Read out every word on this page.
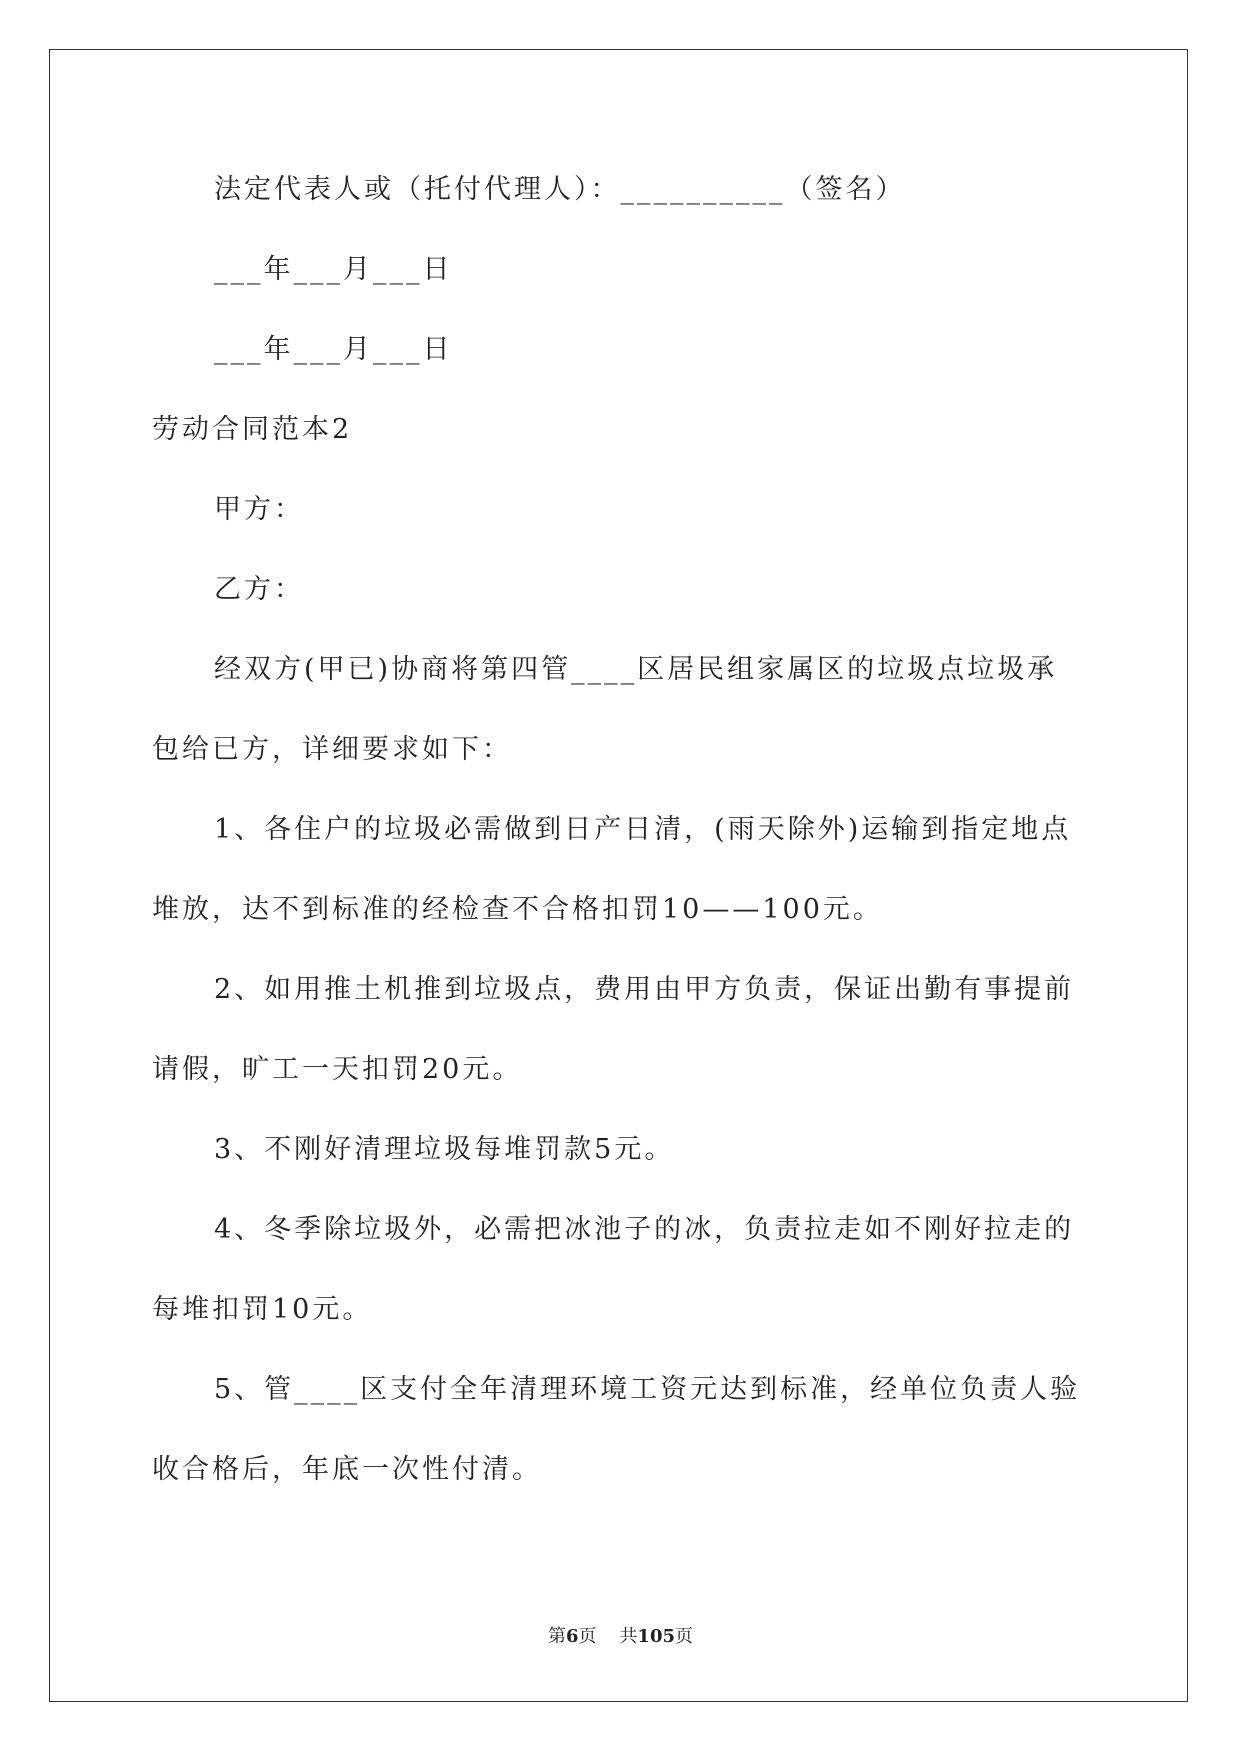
法定代表人或（托付代理人）：__________（签名）
___年___月___日
___年___月___日
劳动合同范本2
甲方：
乙方：
经双方(甲已)协商将第四管____区居民组家属区的垃圾点垃圾承
包给已方，详细要求如下：
1、各住户的垃圾必需做到日产日清，(雨天除外)运输到指定地点
堆放，达不到标准的经检查不合格扣罚10——100元。
2、如用推土机推到垃圾点，费用由甲方负责，保证出勤有事提前
请假，旷工一天扣罚20元。
3、不刚好清理垃圾每堆罚款5元。
4、冬季除垃圾外，必需把冰池子的冰，负责拉走如不刚好拉走的
每堆扣罚10元。
5、管____区支付全年清理环境工资元达到标准，经单位负责人验
收合格后，年底一次性付清。
第6页 共105页
